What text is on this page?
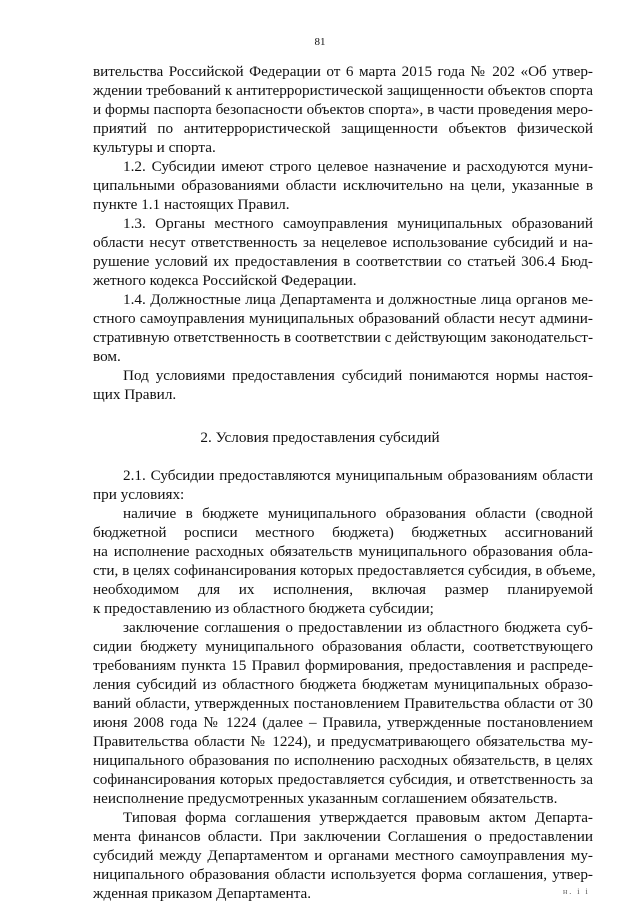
81
вительства Российской Федерации от 6 марта 2015 года № 202 «Об утвер-
ждении требований к антитеррористической защищенности объектов спорта
и формы паспорта безопасности объектов спорта», в части проведения меро-
приятий по антитеррористической защищенности объектов физической
культуры и спорта.
1.2. Субсидии имеют строго целевое назначение и расходуются муни-
ципальными образованиями области исключительно на цели, указанные в
пункте 1.1 настоящих Правил.
1.3. Органы местного самоуправления муниципальных образований
области несут ответственность за нецелевое использование субсидий и на-
рушение условий их предоставления в соответствии со статьей 306.4 Бюд-
жетного кодекса Российской Федерации.
1.4. Должностные лица Департамента и должностные лица органов ме-
стного самоуправления муниципальных образований области несут админи-
стративную ответственность в соответствии с действующим законодательст-
вом.
Под условиями предоставления субсидий понимаются нормы настоя-
щих Правил.
2. Условия предоставления субсидий
2.1. Субсидии предоставляются муниципальным образованиям области
при условиях:
наличие в бюджете муниципального образования области (сводной
бюджетной росписи местного бюджета) бюджетных ассигнований
на исполнение расходных обязательств муниципального образования обла-
сти, в целях софинансирования которых предоставляется субсидия, в объеме,
необходимом для их исполнения, включая размер планируемой
к предоставлению из областного бюджета субсидии;
заключение соглашения о предоставлении из областного бюджета суб-
сидии бюджету муниципального образования области, соответствующего
требованиям пункта 15 Правил формирования, предоставления и распреде-
ления субсидий из областного бюджета бюджетам муниципальных образо-
ваний области, утвержденных постановлением Правительства области от 30
июня 2008 года № 1224 (далее – Правила, утвержденные постановлением
Правительства области № 1224), и предусматривающего обязательства му-
ниципального образования по исполнению расходных обязательств, в целях
софинансирования которых предоставляется субсидия, и ответственность за
неисполнение предусмотренных указанным соглашением обязательств.
Типовая форма соглашения утверждается правовым актом Департа-
мента финансов области. При заключении Соглашения о предоставлении
субсидий между Департаментом и органами местного самоуправления му-
ниципального образования области используется форма соглашения, утвер-
жденная приказом Департамента.	н. і і
